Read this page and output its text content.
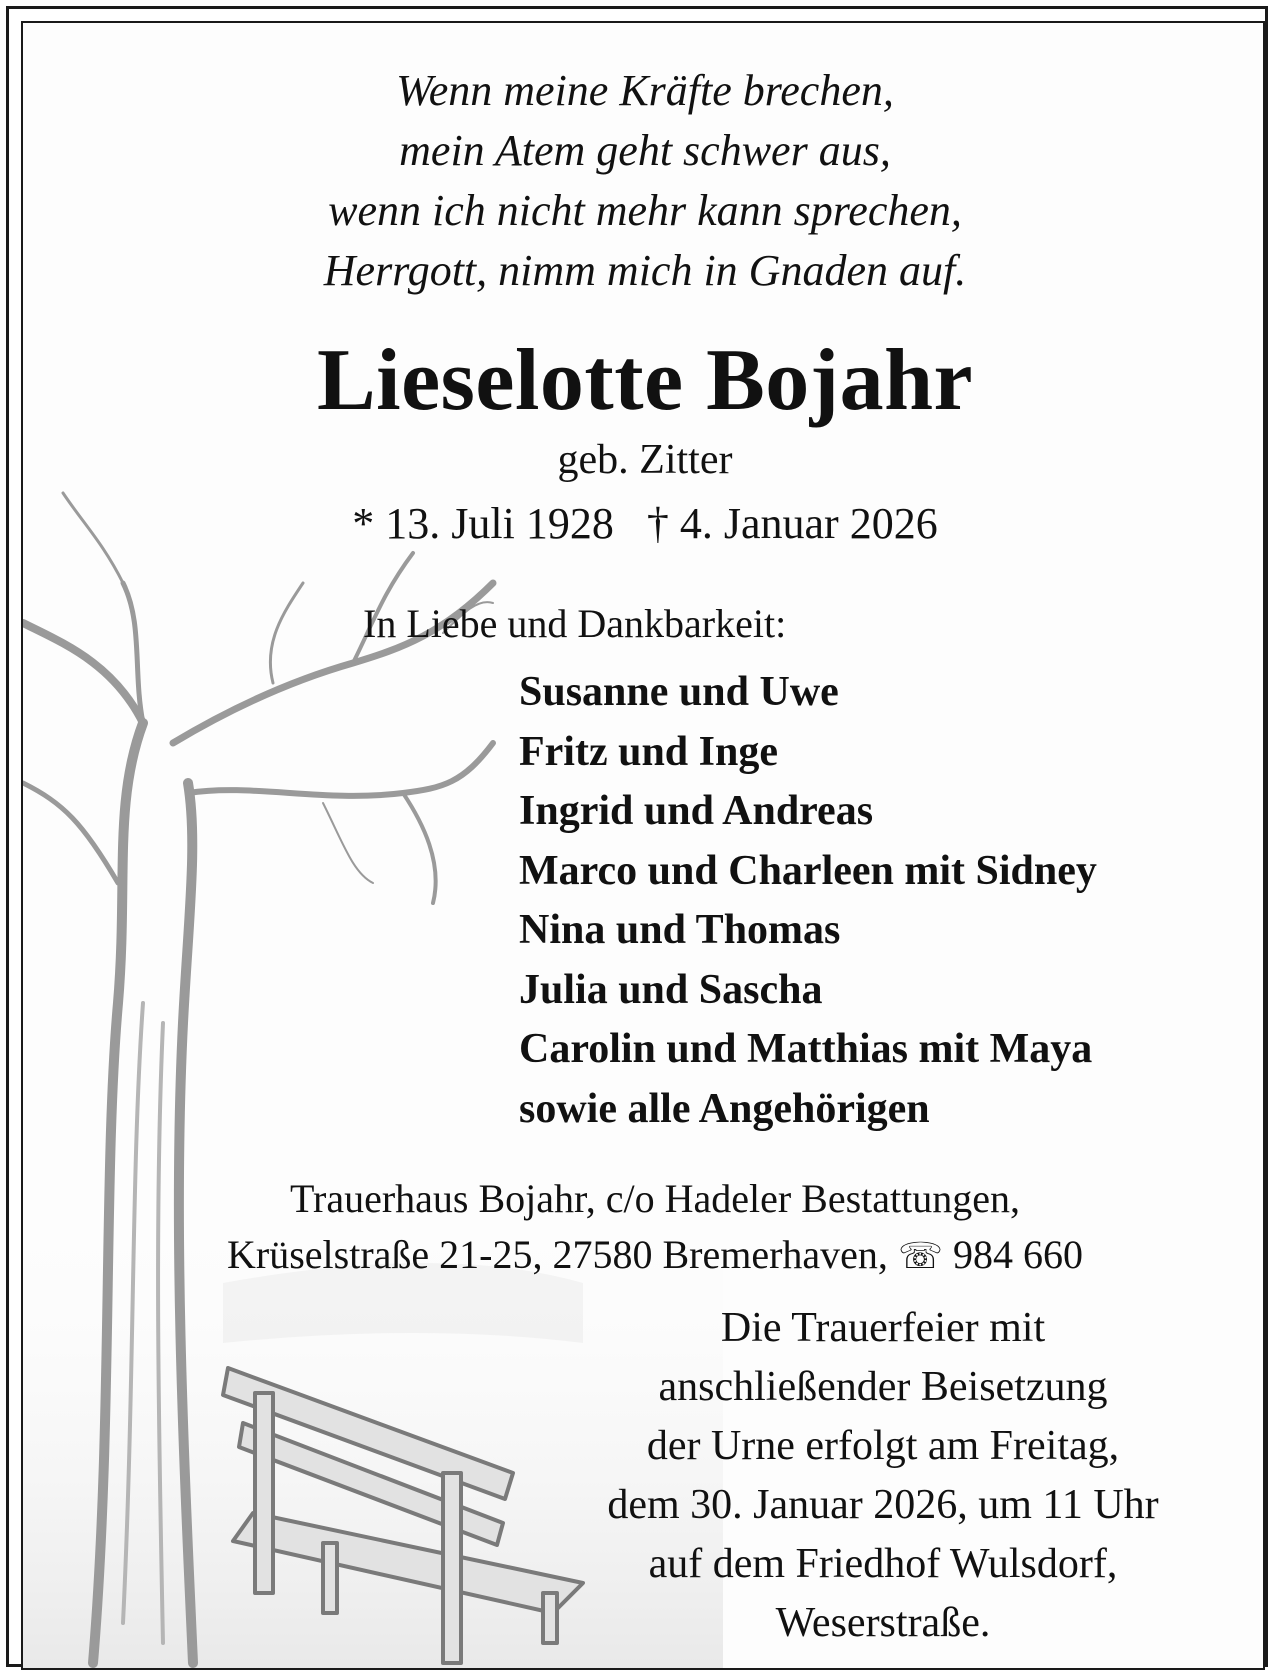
Wenn meine Kräfte brechen,
mein Atem geht schwer aus,
wenn ich nicht mehr kann sprechen,
Herrgott, nimm mich in Gnaden auf.
Lieselotte Bojahr
geb. Zitter
* 13. Juli 1928   † 4. Januar 2026
In Liebe und Dankbarkeit:
Susanne und Uwe
Fritz und Inge
Ingrid und Andreas
Marco und Charleen mit Sidney
Nina und Thomas
Julia und Sascha
Carolin und Matthias mit Maya
sowie alle Angehörigen
Trauerhaus Bojahr, c/o Hadeler Bestattungen,
Krüselstraße 21-25, 27580 Bremerhaven, ☏ 984 660
Die Trauerfeier mit
anschließender Beisetzung
der Urne erfolgt am Freitag,
dem 30. Januar 2026, um 11 Uhr
auf dem Friedhof Wulsdorf,
Weserstraße.
